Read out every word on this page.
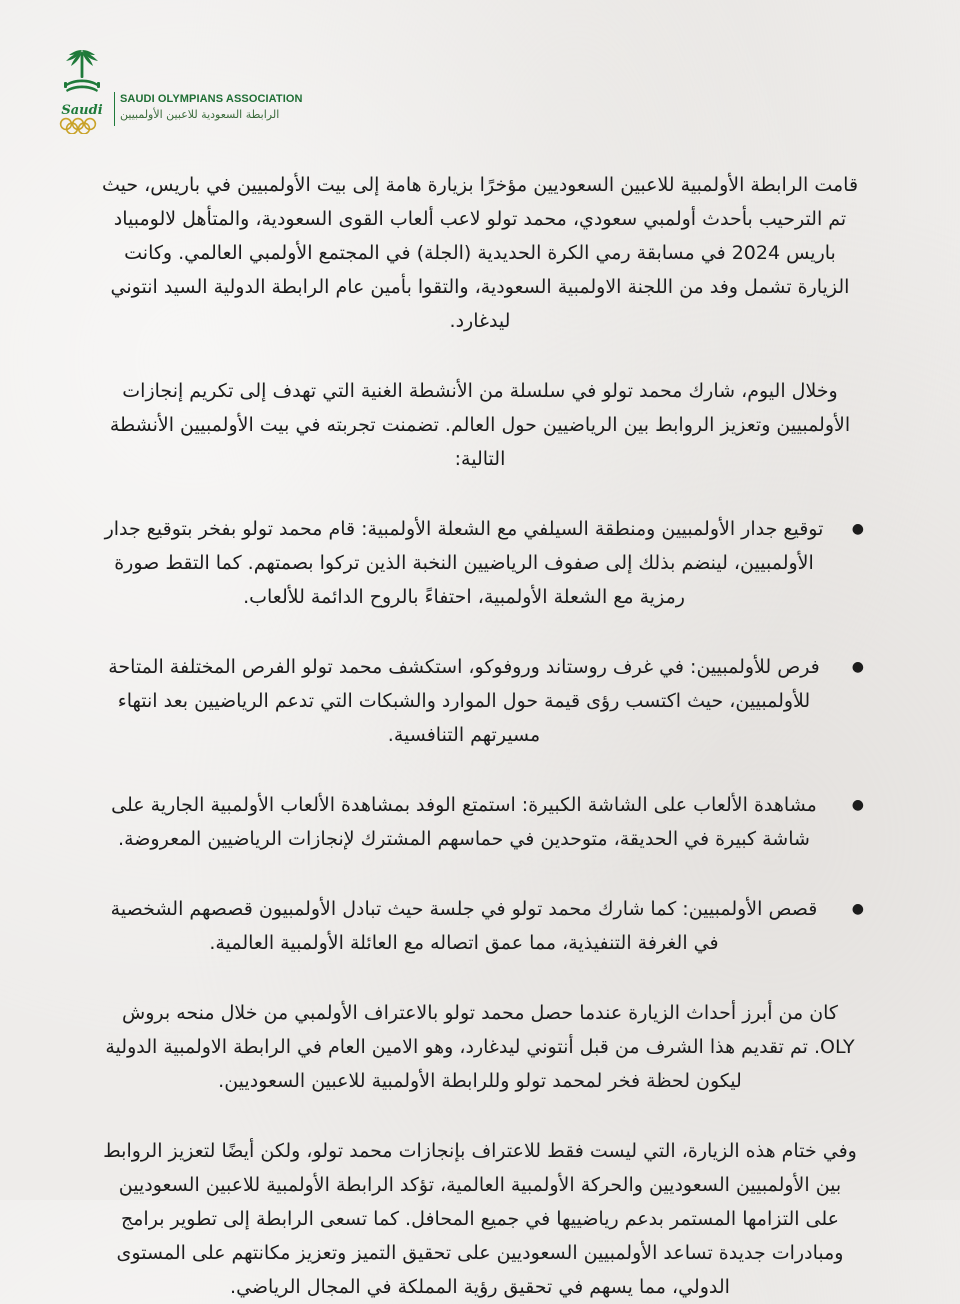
Saudi
SAUDI OLYMPIANS ASSOCIATION
الرابطة السعودية للاعبين الأولمبيين

قامت الرابطة الأولمبية للاعبين السعوديين مؤخرًا بزيارة هامة إلى بيت الأولمبيين في باريس، حيث تم الترحيب بأحدث أولمبي سعودي، محمد تولو لاعب ألعاب القوى السعودية، والمتأهل لالومبياد باريس 2024 في مسابقة رمي الكرة الحديدية (الجلة) في المجتمع الأولمبي العالمي. وكانت الزيارة تشمل وفد من اللجنة الاولمبية السعودية، والتقوا بأمين عام الرابطة الدولية السيد انتوني ليدغارد.

وخلال اليوم، شارك محمد تولو في سلسلة من الأنشطة الغنية التي تهدف إلى تكريم إنجازات الأولمبيين وتعزيز الروابط بين الرياضيين حول العالم. تضمنت تجربته في بيت الأولمبيين الأنشطة التالية:

●
توقيع جدار الأولمبيين ومنطقة السيلفي مع الشعلة الأولمبية: قام محمد تولو بفخر بتوقيع جدار الأولمبيين، لينضم بذلك إلى صفوف الرياضيين النخبة الذين تركوا بصمتهم. كما التقط صورة رمزية مع الشعلة الأولمبية، احتفاءً بالروح الدائمة للألعاب.
●
فرص للأولمبيين: في غرف روستاند وروفوكو، استكشف محمد تولو الفرص المختلفة المتاحة للأولمبيين، حيث اكتسب رؤى قيمة حول الموارد والشبكات التي تدعم الرياضيين بعد انتهاء مسيرتهم التنافسية.
●
مشاهدة الألعاب على الشاشة الكبيرة: استمتع الوفد بمشاهدة الألعاب الأولمبية الجارية على شاشة كبيرة في الحديقة، متوحدين في حماسهم المشترك لإنجازات الرياضيين المعروضة.
●
قصص الأولمبيين: كما شارك محمد تولو في جلسة حيث تبادل الأولمبيون قصصهم الشخصية في الغرفة التنفيذية، مما عمق اتصاله مع العائلة الأولمبية العالمية.

كان من أبرز أحداث الزيارة عندما حصل محمد تولو بالاعتراف الأولمبي من خلال منحه بروش OLY. تم تقديم هذا الشرف من قبل أنتوني ليدغارد، وهو الامين العام في الرابطة الاولمبية الدولية ليكون لحظة فخر لمحمد تولو وللرابطة الأولمبية للاعبين السعوديين.

وفي ختام هذه الزيارة، التي ليست فقط للاعتراف بإنجازات محمد تولو، ولكن أيضًا لتعزيز الروابط بين الأولمبيين السعوديين والحركة الأولمبية العالمية، تؤكد الرابطة الأولمبية للاعبين السعوديين على التزامها المستمر بدعم رياضييها في جميع المحافل. كما تسعى الرابطة إلى تطوير برامج ومبادرات جديدة تساعد الأولمبيين السعوديين على تحقيق التميز وتعزيز مكانتهم على المستوى الدولي، مما يسهم في تحقيق رؤية المملكة في المجال الرياضي.
